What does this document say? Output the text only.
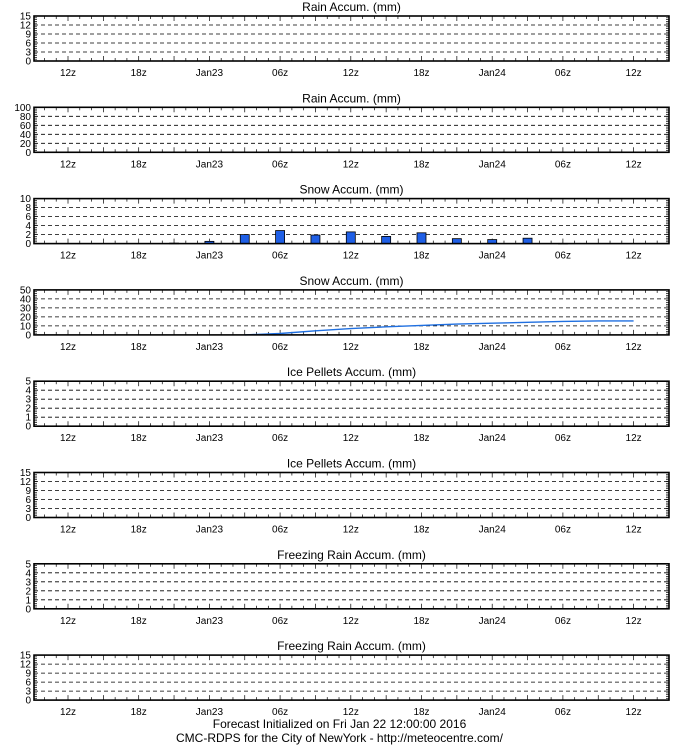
Rain Accum. (mm)
0
3
6
9
12
15
12z	18z	Jan23	06z	12z	18z	Jan24	06z	12z
Rain Accum. (mm)
0
20
40
60
80
100
12z	18z	Jan23	06z	12z	18z	Jan24	06z	12z
Snow Accum. (mm)
0
2
4
6
8
10
12z	18z	Jan23	06z	12z	18z	Jan24	06z	12z
Snow Accum. (mm)
0
10
20
30
40
50
12z	18z	Jan23	06z	12z	18z	Jan24	06z	12z
Ice Pellets Accum. (mm)
0
1
2
3
4
5
12z	18z	Jan23	06z	12z	18z	Jan24	06z	12z
Ice Pellets Accum. (mm)
0
3
6
9
12
15
12z	18z	Jan23	06z	12z	18z	Jan24	06z	12z
Freezing Rain Accum. (mm)
0
1
2
3
4
5
12z	18z	Jan23	06z	12z	18z	Jan24	06z	12z
Freezing Rain Accum. (mm)
0
3
6
9
12
15
12z	18z	Jan23	06z	12z	18z	Jan24	06z	12z
Forecast Initialized on Fri Jan 22 12:00:00 2016
CMC-RDPS for the City of NewYork - http://meteocentre.com/
